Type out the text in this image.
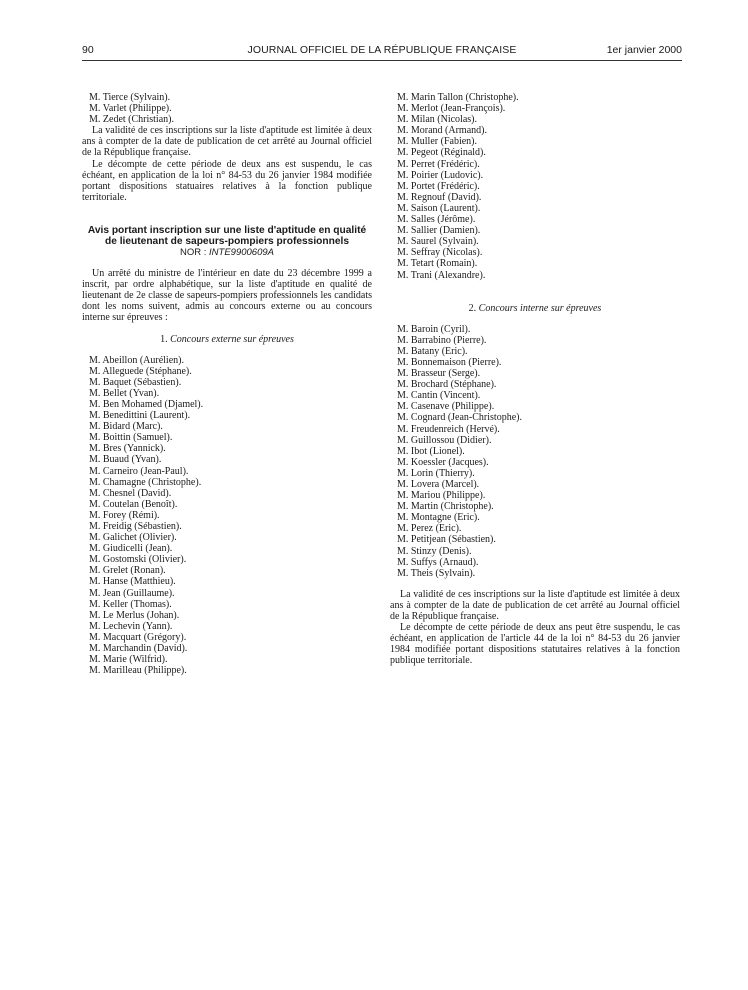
90	JOURNAL OFFICIEL DE LA RÉPUBLIQUE FRANÇAISE	1er janvier 2000

M. Tierce (Sylvain).

M. Varlet (Philippe).

M. Zedet (Christian).

La validité de ces inscriptions sur la liste d'aptitude est limitée à deux ans à compter de la date de publication de cet arrêté au Journal officiel de la République française.

Le décompte de cette période de deux ans est suspendu, le cas échéant, en application de la loi n° 84-53 du 26 janvier 1984 modifiée portant dispositions statuaires relatives à la fonction publique territoriale.

Avis portant inscription sur une liste d'aptitude en qualité de lieutenant de sapeurs-pompiers professionnels

NOR : INTE9900609A

Un arrêté du ministre de l'intérieur en date du 23 décembre 1999 a inscrit, par ordre alphabétique, sur la liste d'aptitude en qualité de lieutenant de 2e classe de sapeurs-pompiers professionnels les candidats dont les noms suivent, admis au concours externe ou au concours interne sur épreuves :

1. Concours externe sur épreuves

M. Abeillon (Aurélien).

M. Alleguede (Stéphane).

M. Baquet (Sébastien).

M. Bellet (Yvan).

M. Ben Mohamed (Djamel).

M. Benedittini (Laurent).

M. Bidard (Marc).

M. Boittin (Samuel).

M. Bres (Yannick).

M. Buaud (Yvan).

M. Carneiro (Jean-Paul).

M. Chamagne (Christophe).

M. Chesnel (David).

M. Coutelan (Benoît).

M. Forey (Rémi).

M. Freidig (Sébastien).

M. Galichet (Olivier).

M. Giudicelli (Jean).

M. Gostomski (Olivier).

M. Grelet (Ronan).

M. Hanse (Matthieu).

M. Jean (Guillaume).

M. Keller (Thomas).

M. Le Merlus (Johan).

M. Lechevin (Yann).

M. Macquart (Grégory).

M. Marchandin (David).

M. Marie (Wilfrid).

M. Marilleau (Philippe).

M. Marin Tallon (Christophe).

M. Merlot (Jean-François).

M. Milan (Nicolas).

M. Morand (Armand).

M. Muller (Fabien).

M. Pegeot (Réginald).

M. Perret (Frédéric).

M. Poirier (Ludovic).

M. Portet (Frédéric).

M. Regnouf (David).

M. Saison (Laurent).

M. Salles (Jérôme).

M. Sallier (Damien).

M. Saurel (Sylvain).

M. Seffray (Nicolas).

M. Tetart (Romain).

M. Trani (Alexandre).

2. Concours interne sur épreuves

M. Baroin (Cyril).

M. Barrabino (Pierre).

M. Batany (Eric).

M. Bonnemaison (Pierre).

M. Brasseur (Serge).

M. Brochard (Stéphane).

M. Cantin (Vincent).

M. Casenave (Philippe).

M. Cognard (Jean-Christophe).

M. Freudenreich (Hervé).

M. Guillossou (Didier).

M. Ibot (Lionel).

M. Koessler (Jacques).

M. Lorin (Thierry).

M. Lovera (Marcel).

M. Mariou (Philippe).

M. Martin (Christophe).

M. Montagne (Eric).

M. Perez (Eric).

M. Petitjean (Sébastien).

M. Stinzy (Denis).

M. Suffys (Arnaud).

M. Theis (Sylvain).

La validité de ces inscriptions sur la liste d'aptitude est limitée à deux ans à compter de la date de publication de cet arrêté au Journal officiel de la République française.

Le décompte de cette période de deux ans peut être suspendu, le cas échéant, en application de l'article 44 de la loi n° 84-53 du 26 janvier 1984 modifiée portant dispositions statutaires relatives à la fonction publique territoriale.
